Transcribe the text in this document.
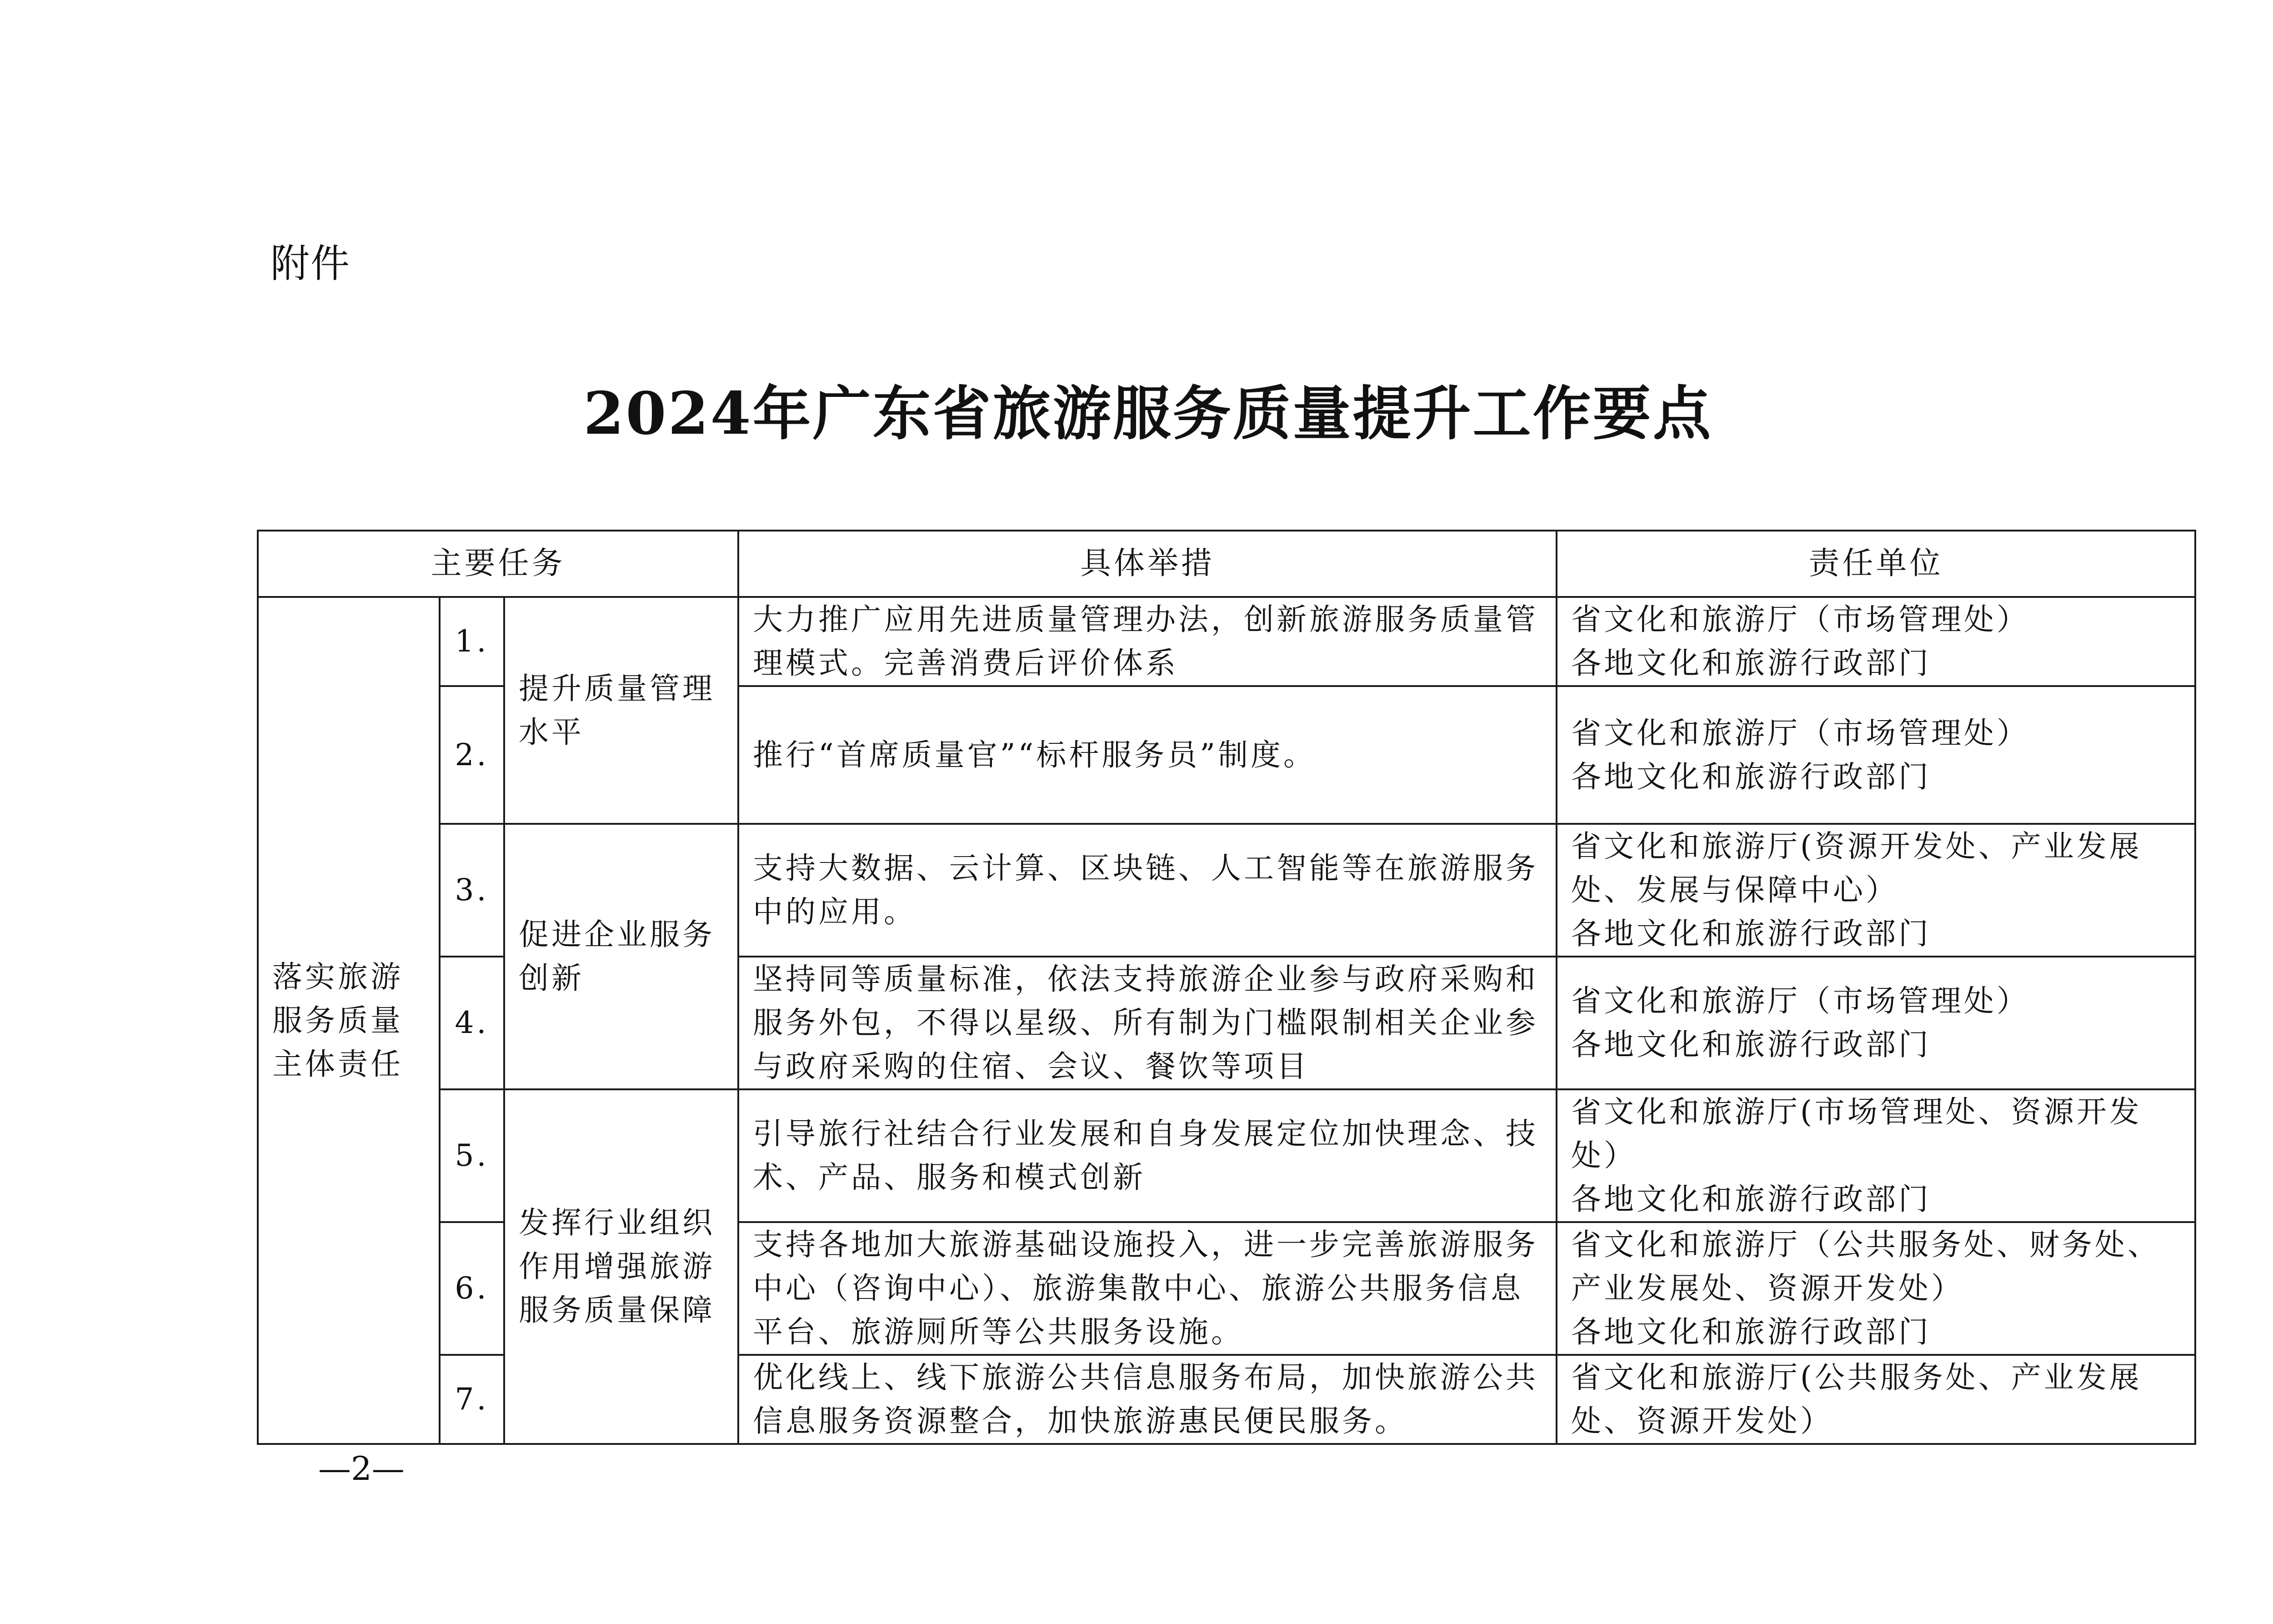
附件
2024年广东省旅游服务质量提升工作要点
主要任务			具体举措	责任单位
落实旅游服务质量主体责任	1.	提升质量管理水平	大力推广应用先进质量管理办法，创新旅游服务质量管理模式。完善消费后评价体系	省文化和旅游厅（市场管理处）
各地文化和旅游行政部门

	2.		推行“首席质量官”“标杆服务员”制度。	省文化和旅游厅（市场管理处）
各地文化和旅游行政部门

	3.	促进企业服务创新	支持大数据、云计算、区块链、人工智能等在旅游服务中的应用。	省文化和旅游厅(资源开发处、产业发展处、发展与保障中心）
各地文化和旅游行政部门

	4.		坚持同等质量标准，依法支持旅游企业参与政府采购和服务外包，不得以星级、所有制为门槛限制相关企业参与政府采购的住宿、会议、餐饮等项目	省文化和旅游厅（市场管理处）
各地文化和旅游行政部门

	5.	发挥行业组织作用增强旅游服务质量保障	引导旅行社结合行业发展和自身发展定位加快理念、技术、产品、服务和模式创新	省文化和旅游厅(市场管理处、资源开发处）
各地文化和旅游行政部门

	6.		支持各地加大旅游基础设施投入，进一步完善旅游服务中心（咨询中心）、旅游集散中心、旅游公共服务信息平台、旅游厕所等公共服务设施。	省文化和旅游厅（公共服务处、财务处、产业发展处、资源开发处）
各地文化和旅游行政部门

	7.		优化线上、线下旅游公共信息服务布局，加快旅游公共信息服务资源整合，加快旅游惠民便民服务。	省文化和旅游厅(公共服务处、产业发展处、资源开发处）
—2—
